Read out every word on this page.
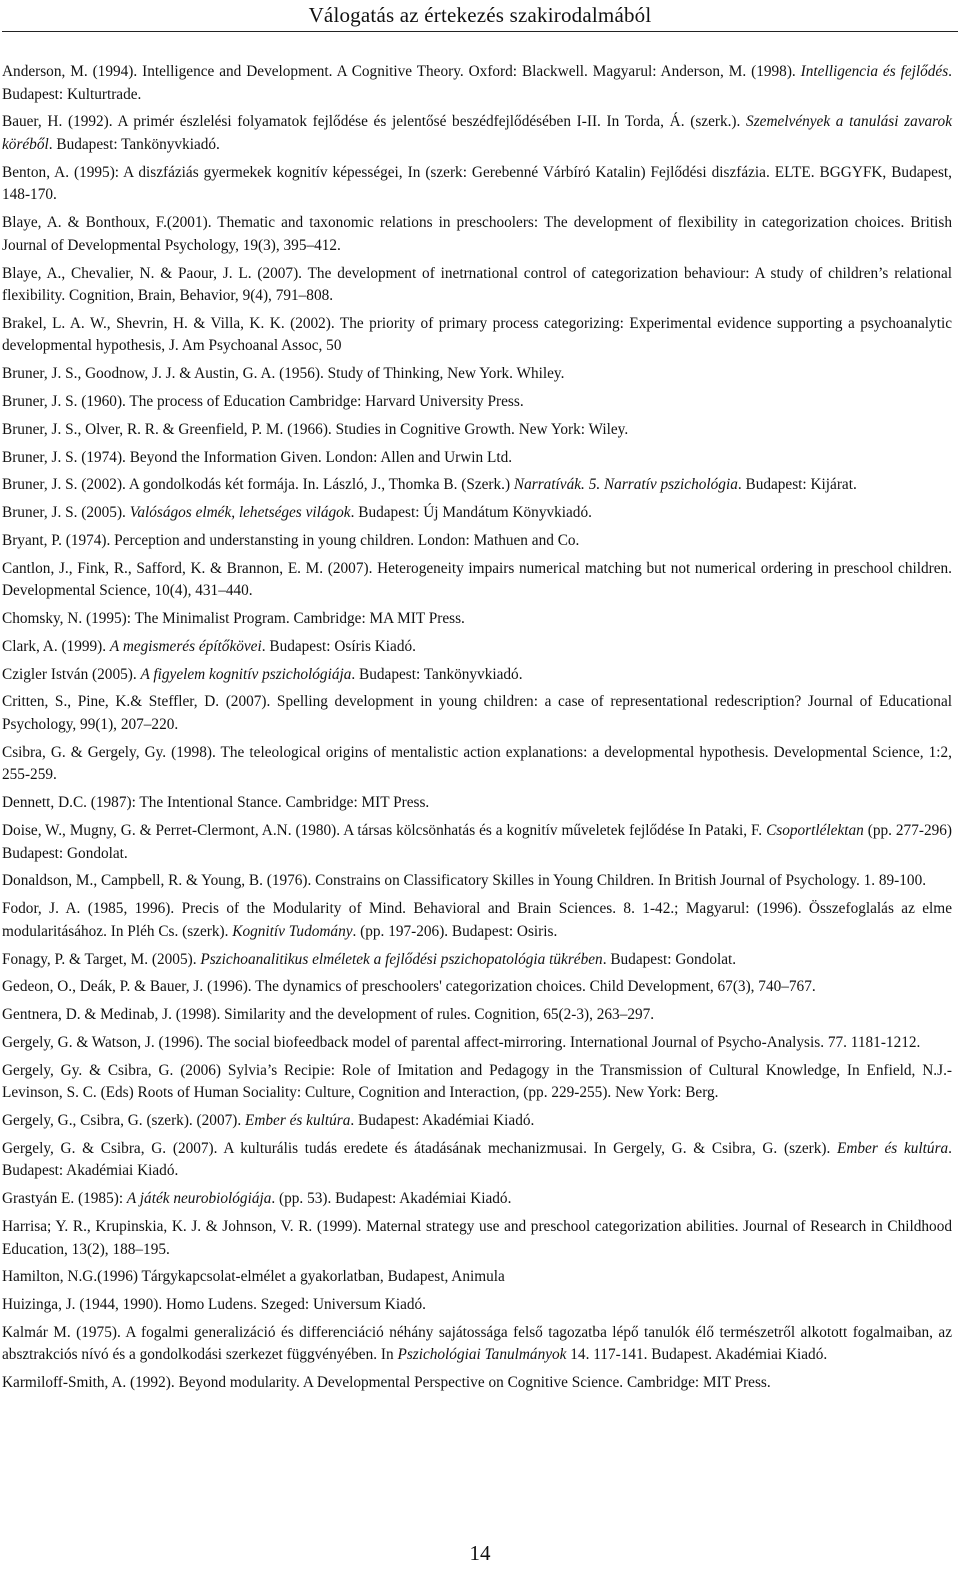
Válogatás az értekezés szakirodalmából
Anderson, M. (1994). Intelligence and Development. A Cognitive Theory. Oxford: Blackwell. Magyarul: Anderson, M. (1998). Intelligencia és fejlődés. Budapest: Kulturtrade.
Bauer, H. (1992). A primér észlelési folyamatok fejlődése és jelentősé beszédfejlődésében I-II. In Torda, Á. (szerk.). Szemelvények a tanulási zavarok köréből. Budapest: Tankönyvkiadó.
Benton, A. (1995): A diszfáziás gyermekek kognitív képességei, In (szerk: Gerebenné Várbíró Katalin) Fejlődési diszfázia. ELTE. BGGYFK, Budapest, 148-170.
Blaye, A. & Bonthoux, F.(2001). Thematic and taxonomic relations in preschoolers: The development of flexibility in categorization choices. British Journal of Developmental Psychology, 19(3), 395–412.
Blaye, A., Chevalier, N. & Paour, J. L. (2007). The development of inetrnational control of categorization behaviour: A study of children’s relational flexibility. Cognition, Brain, Behavior, 9(4), 791–808.
Brakel, L. A. W., Shevrin, H. & Villa, K. K. (2002). The priority of primary process categorizing: Experimental evidence supporting a psychoanalytic developmental hypothesis, J. Am Psychoanal Assoc, 50
Bruner, J. S., Goodnow, J. J. & Austin, G. A. (1956). Study of Thinking, New York. Whiley.
Bruner, J. S. (1960). The process of Education Cambridge: Harvard University Press.
Bruner, J. S., Olver, R. R. & Greenfield, P. M. (1966). Studies in Cognitive Growth. New York: Wiley.
Bruner, J. S. (1974). Beyond the Information Given. London: Allen and Urwin Ltd.
Bruner, J. S. (2002). A gondolkodás két formája. In. László, J., Thomka B. (Szerk.) Narratívák. 5. Narratív pszichológia. Budapest: Kijárat.
Bruner, J. S. (2005). Valóságos elmék, lehetséges világok. Budapest: Új Mandátum Könyvkiadó.
Bryant, P. (1974). Perception and understansting in young children. London: Mathuen and Co.
Cantlon, J., Fink, R., Safford, K. & Brannon, E. M. (2007). Heterogeneity impairs numerical matching but not numerical ordering in preschool children. Developmental Science, 10(4), 431–440.
Chomsky, N. (1995): The Minimalist Program. Cambridge: MA MIT Press.
Clark, A. (1999). A megismerés építőkövei. Budapest: Osíris Kiadó.
Czigler István (2005). A figyelem kognitív pszichológiája. Budapest: Tankönyvkiadó.
Critten, S., Pine, K.& Steffler, D. (2007). Spelling development in young children: a case of representational redescription? Journal of Educational Psychology, 99(1), 207–220.
Csibra, G. & Gergely, Gy. (1998). The teleological origins of mentalistic action explanations: a developmental hypothesis. Developmental Science, 1:2, 255-259.
Dennett, D.C. (1987): The Intentional Stance. Cambridge: MIT Press.
Doise, W., Mugny, G. & Perret-Clermont, A.N. (1980). A társas kölcsönhatás és a kognitív műveletek fejlődése In Pataki, F. Csoportlélektan (pp. 277-296) Budapest: Gondolat.
Donaldson, M., Campbell, R. & Young, B. (1976). Constrains on Classificatory Skilles in Young Children. In British Journal of Psychology. 1. 89-100.
Fodor, J. A. (1985, 1996). Precis of the Modularity of Mind. Behavioral and Brain Sciences. 8. 1-42.; Magyarul: (1996). Összefoglalás az elme modularitásához. In Pléh Cs. (szerk). Kognitív Tudomány. (pp. 197-206). Budapest: Osiris.
Fonagy, P. & Target, M. (2005). Pszichoanalitikus elméletek a fejlődési pszichopatológia tükrében. Budapest: Gondolat.
Gedeon, O., Deák, P. & Bauer, J. (1996). The dynamics of preschoolers' categorization choices. Child Development, 67(3), 740–767.
Gentnera, D. & Medinab, J. (1998). Similarity and the development of rules. Cognition, 65(2-3), 263–297.
Gergely, G. & Watson, J. (1996). The social biofeedback model of parental affect-mirroring. International Journal of Psycho-Analysis. 77. 1181-1212.
Gergely, Gy. & Csibra, G. (2006) Sylvia’s Recipie: Role of Imitation and Pedagogy in the Transmission of Cultural Knowledge, In Enfield, N.J.- Levinson, S. C. (Eds) Roots of Human Sociality: Culture, Cognition and Interaction, (pp. 229-255). New York: Berg.
Gergely, G., Csibra, G. (szerk). (2007). Ember és kultúra. Budapest: Akadémiai Kiadó.
Gergely, G. & Csibra, G. (2007). A kulturális tudás eredete és átadásának mechanizmusai. In Gergely, G. & Csibra, G. (szerk). Ember és kultúra. Budapest: Akadémiai Kiadó.
Grastyán E. (1985): A játék neurobiológiája. (pp. 53). Budapest: Akadémiai Kiadó.
Harrisa; Y. R., Krupinskia, K. J. & Johnson, V. R. (1999). Maternal strategy use and preschool categorization abilities. Journal of Research in Childhood Education, 13(2), 188–195.
Hamilton, N.G.(1996) Tárgykapcsolat-elmélet a gyakorlatban, Budapest, Animula
Huizinga, J. (1944, 1990). Homo Ludens. Szeged: Universum Kiadó.
Kalmár M. (1975). A fogalmi generalizáció és differenciáció néhány sajátossága felső tagozatba lépő tanulók élő természetről alkotott fogalmaiban, az absztrakciós nívó és a gondolkodási szerkezet függvényében. In Pszichológiai Tanulmányok 14. 117-141. Budapest. Akadémiai Kiadó.
Karmiloff-Smith, A. (1992). Beyond modularity. A Developmental Perspective on Cognitive Science. Cambridge: MIT Press.
14
